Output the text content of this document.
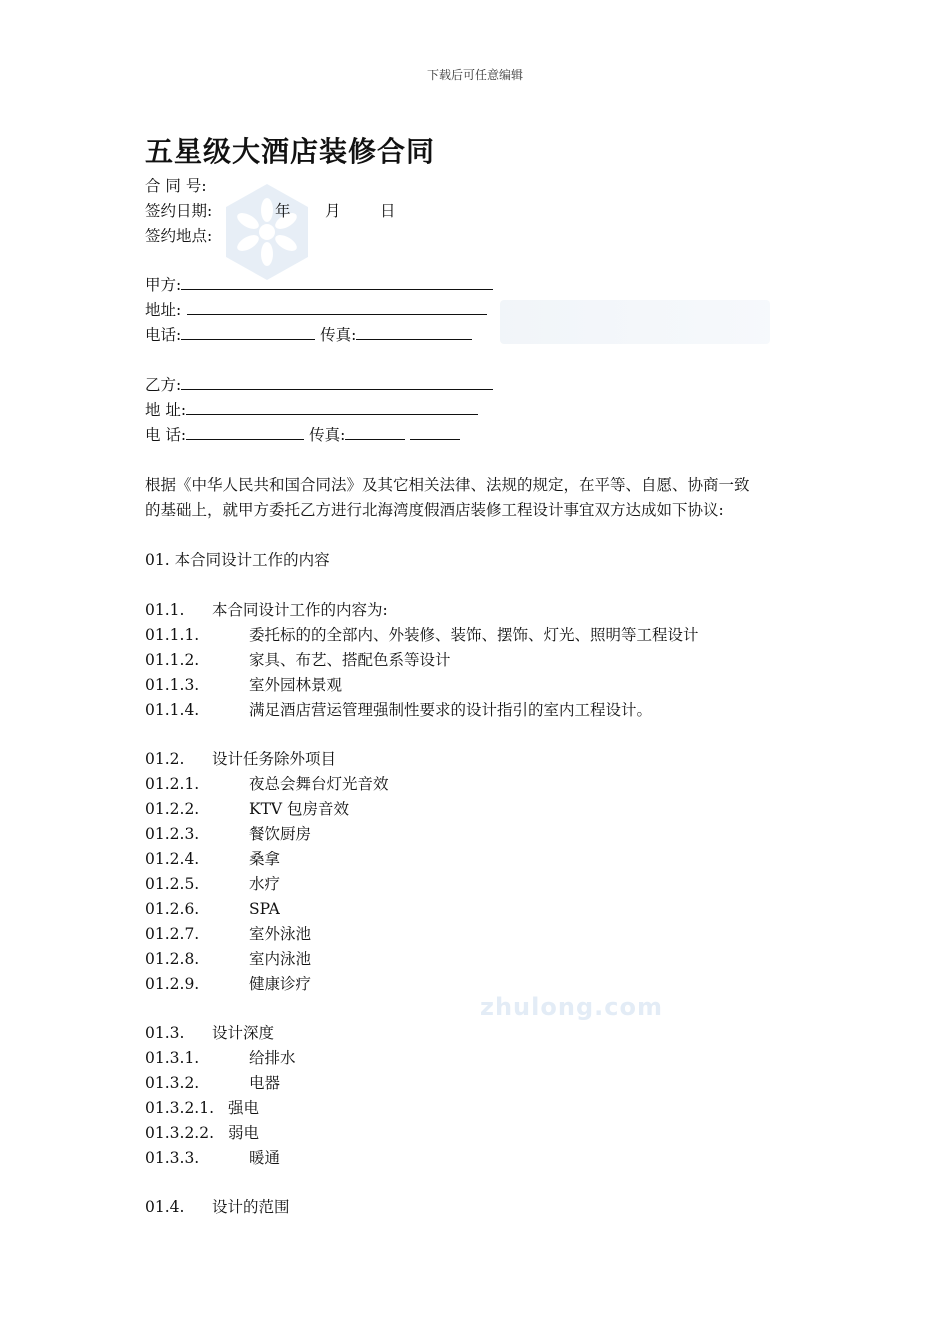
下载后可任意编辑
zhulong.com
五星级大酒店装修合同
合 同 号:
签约日期:	年 月	日
签约地点:
甲方:
地址:
电话:	传真:
乙方:
地 址:
电 话:	传真:
根据《中华人民共和国合同法》及其它相关法律、法规的规定，在平等、自愿、协商一致
的基础上，就甲方委托乙方进行北海湾度假酒店装修工程设计事宜双方达成如下协议:
01. 本合同设计工作的内容
01.1. 本合同设计工作的内容为:
01.1.1.	委托标的的全部内、外装修、装饰、摆饰、灯光、照明等工程设计
01.1.2.	家具、布艺、搭配色系等设计
01.1.3.	室外园林景观
01.1.4.	满足酒店营运管理强制性要求的设计指引的室内工程设计。
01.2. 设计任务除外项目
01.2.1.	夜总会舞台灯光音效
01.2.2.	KTV 包房音效
01.2.3.	餐饮厨房
01.2.4.	桑拿
01.2.5.	水疗
01.2.6.	SPA
01.2.7.	室外泳池
01.2.8.	室内泳池
01.2.9.	健康诊疗
01.3. 设计深度
01.3.1.	给排水
01.3.2.	电器
01.3.2.1. 强电
01.3.2.2. 弱电
01.3.3.	暖通
01.4. 设计的范围
